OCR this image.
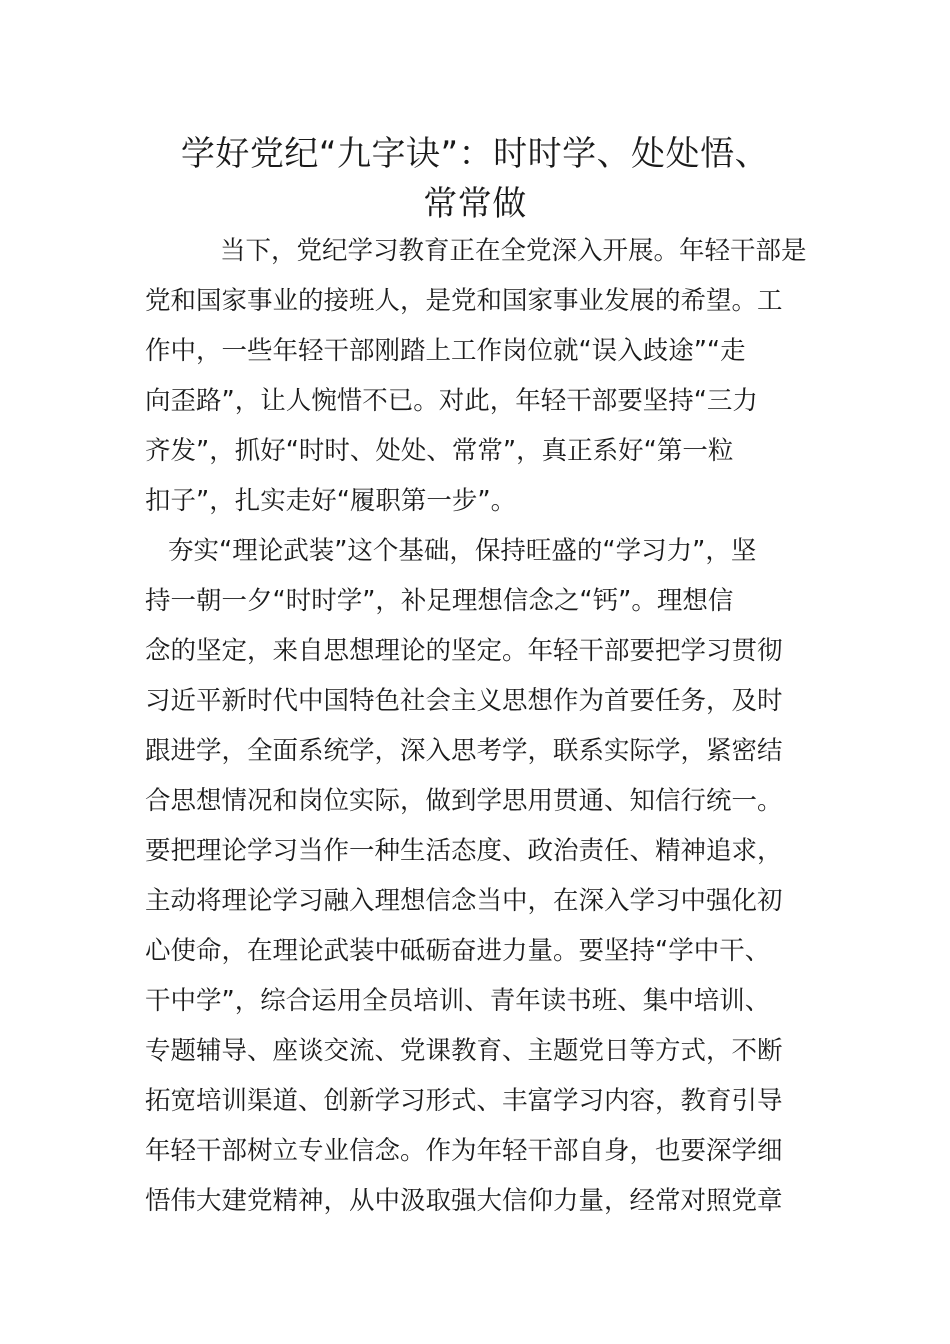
学好党纪“九字诀”：时时学、处处悟、
常常做
当下，党纪学习教育正在全党深入开展。年轻干部是
党和国家事业的接班人，是党和国家事业发展的希望。工
作中，一些年轻干部刚踏上工作岗位就“误入歧途”“走
向歪路”，让人惋惜不已。对此，年轻干部要坚持“三力
齐发”，抓好“时时、处处、常常”，真正系好“第一粒
扣子”，扎实走好“履职第一步”。
夯实“理论武装”这个基础，保持旺盛的“学习力”，坚
持一朝一夕“时时学”，补足理想信念之“钙”。理想信
念的坚定，来自思想理论的坚定。年轻干部要把学习贯彻
习近平新时代中国特色社会主义思想作为首要任务，及时
跟进学，全面系统学，深入思考学，联系实际学，紧密结
合思想情况和岗位实际，做到学思用贯通、知信行统一。
要把理论学习当作一种生活态度、政治责任、精神追求，
主动将理论学习融入理想信念当中，在深入学习中强化初
心使命，在理论武装中砥砺奋进力量。要坚持“学中干、
干中学”，综合运用全员培训、青年读书班、集中培训、
专题辅导、座谈交流、党课教育、主题党日等方式，不断
拓宽培训渠道、创新学习形式、丰富学习内容，教育引导
年轻干部树立专业信念。作为年轻干部自身，也要深学细
悟伟大建党精神，从中汲取强大信仰力量，经常对照党章
